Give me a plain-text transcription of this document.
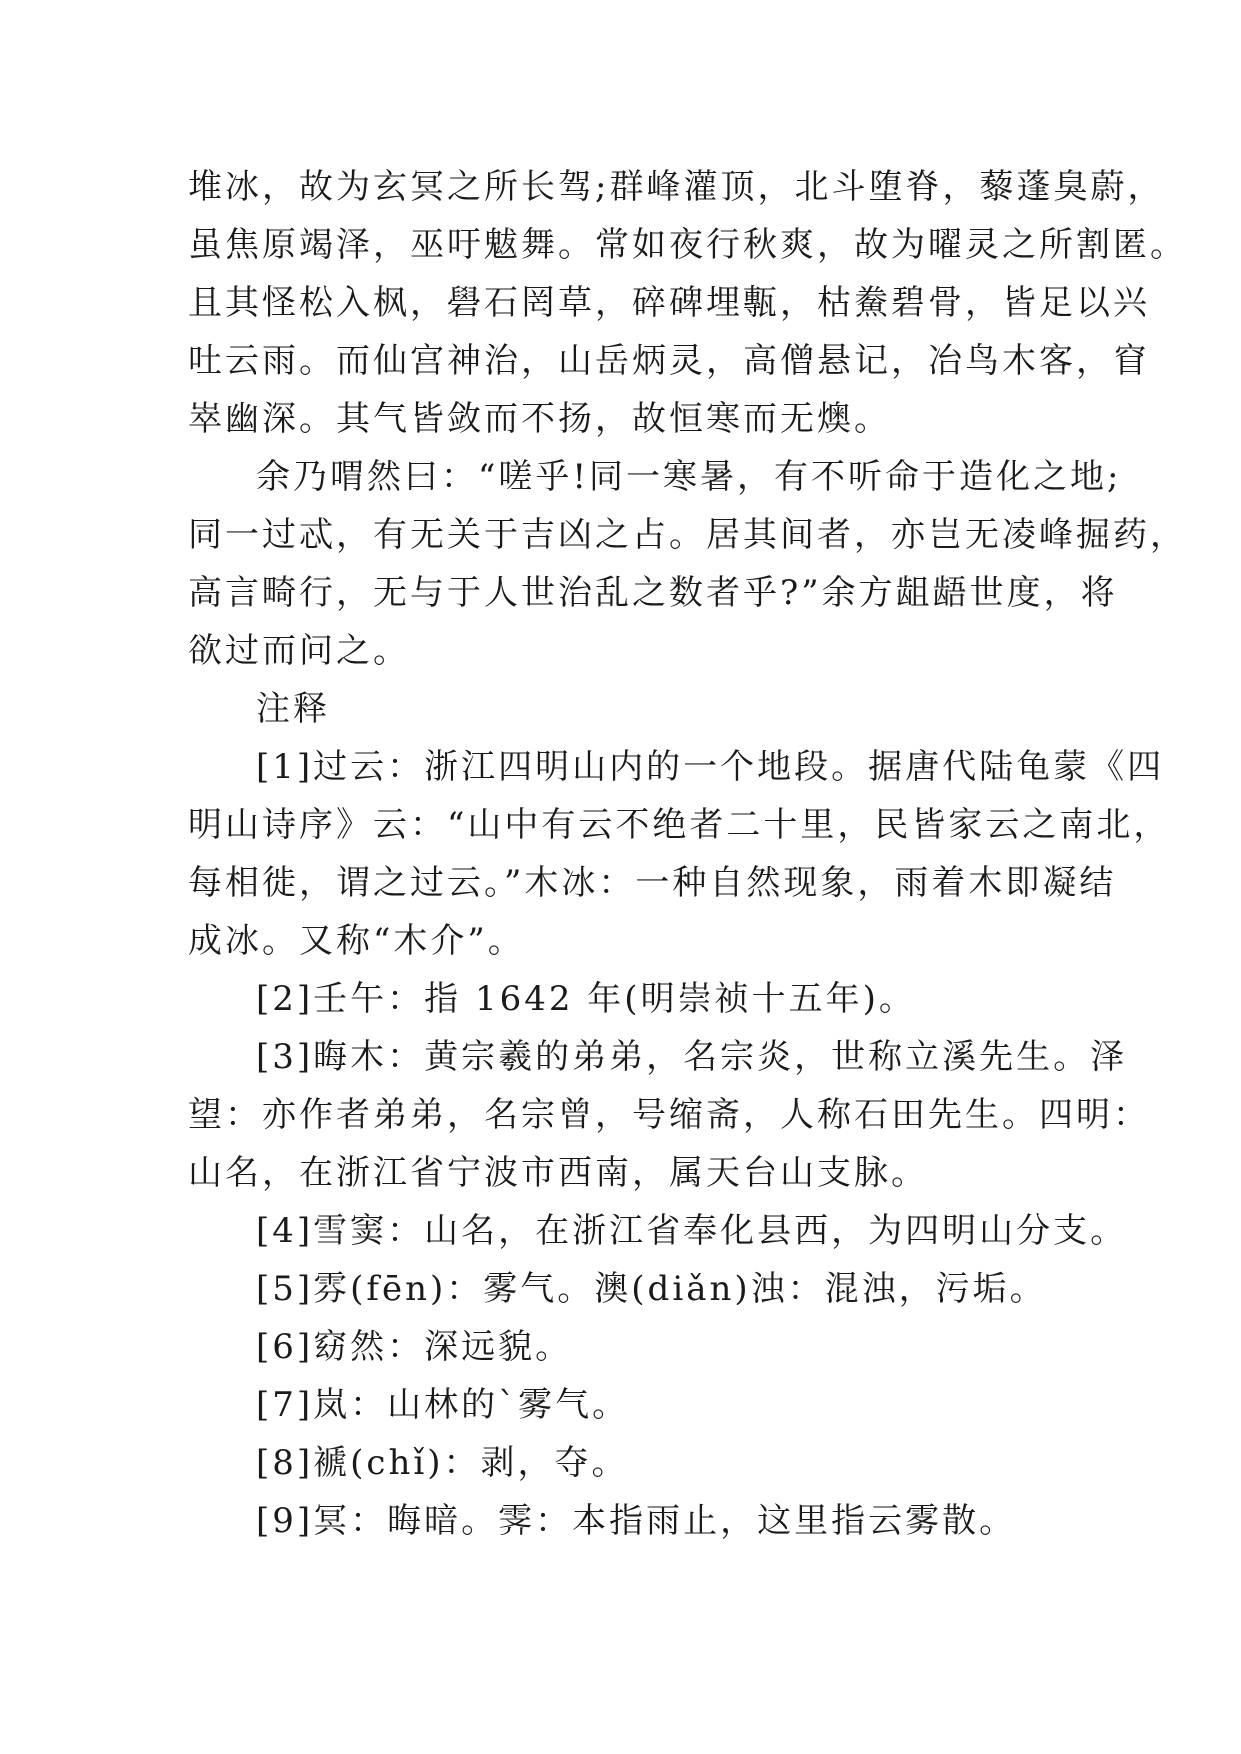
堆冰，故为玄冥之所长驾;群峰灌顶，北斗堕脊，藜蓬臭蔚，
虽焦原竭泽，巫吁魃舞。常如夜行秋爽，故为曜灵之所割匿。
且其怪松入枫，礐石罔草，碎碑埋甎，枯鮝碧骨，皆足以兴
吐云雨。而仙宫神治，山岳炳灵，高僧悬记，冶鸟木客，窅
崒幽深。其气皆敛而不扬，故恒寒而无燠。
余乃喟然曰：“嗟乎!同一寒暑，有不听命于造化之地;
同一过忒，有无关于吉凶之占。居其间者，亦岂无凌峰掘药，
高言畸行，无与于人世治乱之数者乎?”余方龃龉世度，将
欲过而问之。
注释
[1]过云：浙江四明山内的一个地段。据唐代陆龟蒙《四
明山诗序》云：“山中有云不绝者二十里，民皆家云之南北，
每相徙，谓之过云。”木冰：一种自然现象，雨着木即凝结
成冰。又称“木介”。
[2]壬午：指 1642 年(明崇祯十五年)。
[3]晦木：黄宗羲的弟弟，名宗炎，世称立溪先生。泽
望：亦作者弟弟，名宗曾，号缩斋，人称石田先生。四明：
山名，在浙江省宁波市西南，属天台山支脉。
[4]雪窦：山名，在浙江省奉化县西，为四明山分支。
[5]雰(fēn)：雾气。澳(diǎn)浊：混浊，污垢。
[6]窈然：深远貌。
[7]岚：山林的`雾气。
[8]褫(chǐ)：剥，夺。
[9]冥：晦暗。霁：本指雨止，这里指云雾散。
